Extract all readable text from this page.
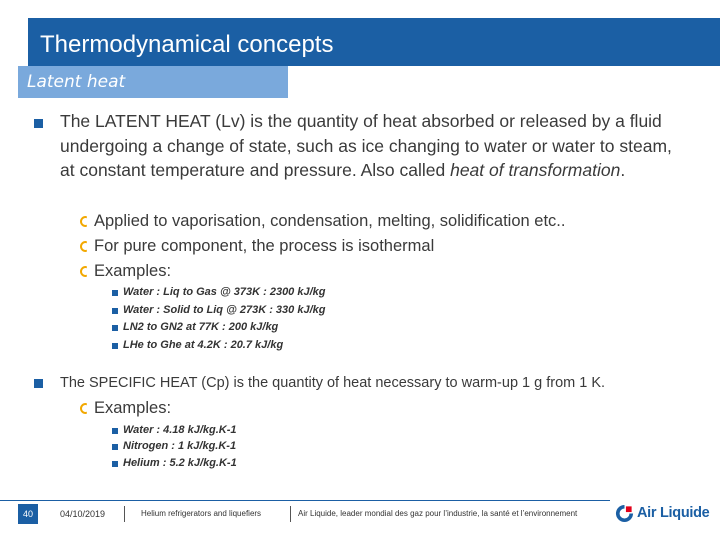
Thermodynamical concepts
Latent heat
The LATENT HEAT (Lv) is the quantity of heat absorbed or released by a fluid undergoing a change of state, such as ice changing to water or water to steam, at constant temperature and pressure. Also called heat of transformation.
Applied to vaporisation, condensation, melting, solidification etc..
For pure component, the process is isothermal
Examples:
Water : Liq to Gas @ 373K : 2300 kJ/kg
Water : Solid to Liq @ 273K : 330 kJ/kg
LN2 to GN2 at 77K : 200 kJ/kg
LHe to Ghe at 4.2K : 20.7 kJ/kg
The SPECIFIC HEAT (Cp) is the quantity of heat necessary to warm-up 1 g from 1 K.
Examples:
Water : 4.18 kJ/kg.K-1
Nitrogen : 1 kJ/kg.K-1
Helium : 5.2 kJ/kg.K-1
40	04/10/2019	Helium refrigerators and liquefiers	Air Liquide, leader mondial des gaz pour l’industrie, la santé et l’environnement	Air Liquide
